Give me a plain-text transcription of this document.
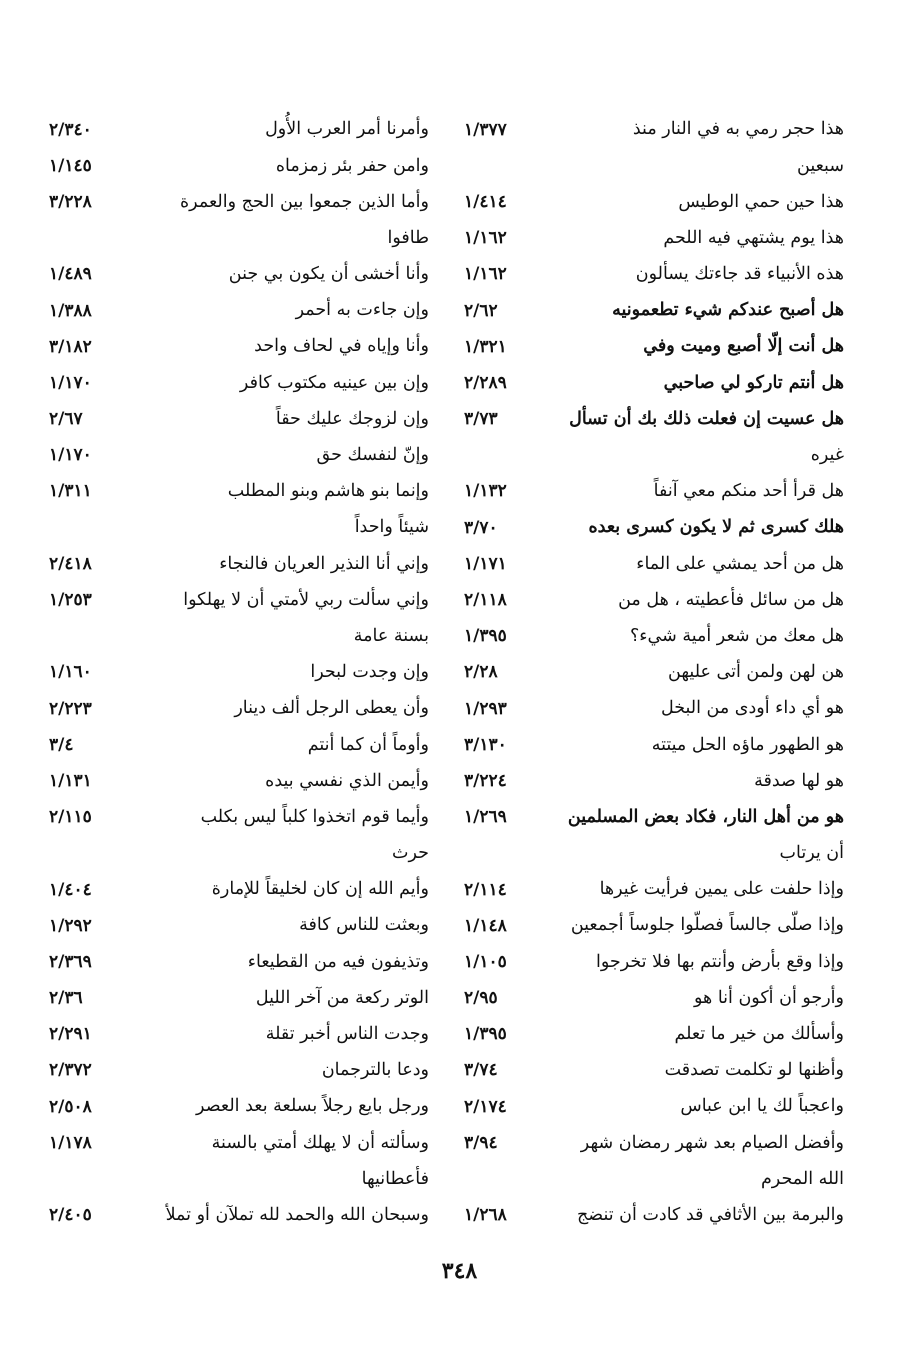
هذا حجر رمي به في النار منذ
١/٣٧٧
سبعين
هذا حين حمي الوطيس
١/٤١٤
هذا يوم يشتهي فيه اللحم
١/١٦٢
هذه الأنبياء قد جاءتك يسألون
١/١٦٢
هل أصبح عندكم شيء تطعمونيه
٢/٦٢
هل أنت إلّا أصبع وميت وفي
١/٣٢١
هل أنتم تاركو لي صاحبي
٢/٢٨٩
هل عسيت إن فعلت ذلك بك أن تسأل
٣/٧٣
غيره
هل قرأ أحد منكم معي آنفاً
١/١٣٢
هلك كسرى ثم لا يكون كسرى بعده
٣/٧٠
هل من أحد يمشي على الماء
١/١٧١
هل من سائل فأعطيته ، هل من
٢/١١٨
هل معك من شعر أمية شيء؟
١/٣٩٥
هن لهن ولمن أتى عليهن
٢/٢٨
هو أي داء أودى من البخل
١/٢٩٣
هو الطهور ماؤه الحل ميتته
٣/١٣٠
هو لها صدقة
٣/٢٢٤
هو من أهل النار، فكاد بعض المسلمين
١/٢٦٩
أن يرتاب
وإذا حلفت على يمين فرأيت غيرها
٢/١١٤
وإذا صلّى جالساً فصلّوا جلوساً أجمعين
١/١٤٨
وإذا وقع بأرض وأنتم بها فلا تخرجوا
١/١٠٥
وأرجو أن أكون أنا هو
٢/٩٥
وأسألك من خير ما تعلم
١/٣٩٥
وأظنها لو تكلمت تصدقت
٣/٧٤
واعجباً لك يا ابن عباس
٢/١٧٤
وأفضل الصيام بعد شهر رمضان شهر
٣/٩٤
الله المحرم
والبرمة بين الأثافي قد كادت أن تنضج
١/٢٦٨
وأمرنا أمر العرب الأُول
٢/٣٤٠
وامن حفر بئر زمزماه
١/١٤٥
وأما الذين جمعوا بين الحج والعمرة
٣/٢٢٨
طافوا
وأنا أخشى أن يكون بي جنن
١/٤٨٩
وإن جاءت به أحمر
١/٣٨٨
وأنا وإياه في لحاف واحد
٣/١٨٢
وإن بين عينيه مكتوب كافر
١/١٧٠
وإن لزوجك عليك حقاً
٢/٦٧
وإنّ لنفسك حق
١/١٧٠
وإنما بنو هاشم وبنو المطلب
١/٣١١
شيئاً واحداً
وإني أنا النذير العريان فالنجاء
٢/٤١٨
وإني سألت ربي لأمتي أن لا يهلكوا
١/٢٥٣
بسنة عامة
وإن وجدت لبحرا
١/١٦٠
وأن يعطى الرجل ألف دينار
٢/٢٢٣
وأوماً أن كما أنتم
٣/٤
وأيمن الذي نفسي بيده
١/١٣١
وأيما قوم اتخذوا كلباً ليس بكلب
٢/١١٥
حرث
وأيم الله إن كان لخليقاً للإمارة
١/٤٠٤
وبعثت للناس كافة
١/٢٩٢
وتذيفون فيه من القطيعاء
٢/٣٦٩
الوتر ركعة من آخر الليل
٢/٣٦
وجدت الناس أخبر تقلة
٢/٢٩١
ودعا بالترجمان
٢/٣٧٢
ورجل بايع رجلاً بسلعة بعد العصر
٢/٥٠٨
وسألته أن لا يهلك أمتي بالسنة
١/١٧٨
فأعطانيها
وسبحان الله والحمد لله تملآن أو تملأ
٢/٤٠٥
٣٤٨
